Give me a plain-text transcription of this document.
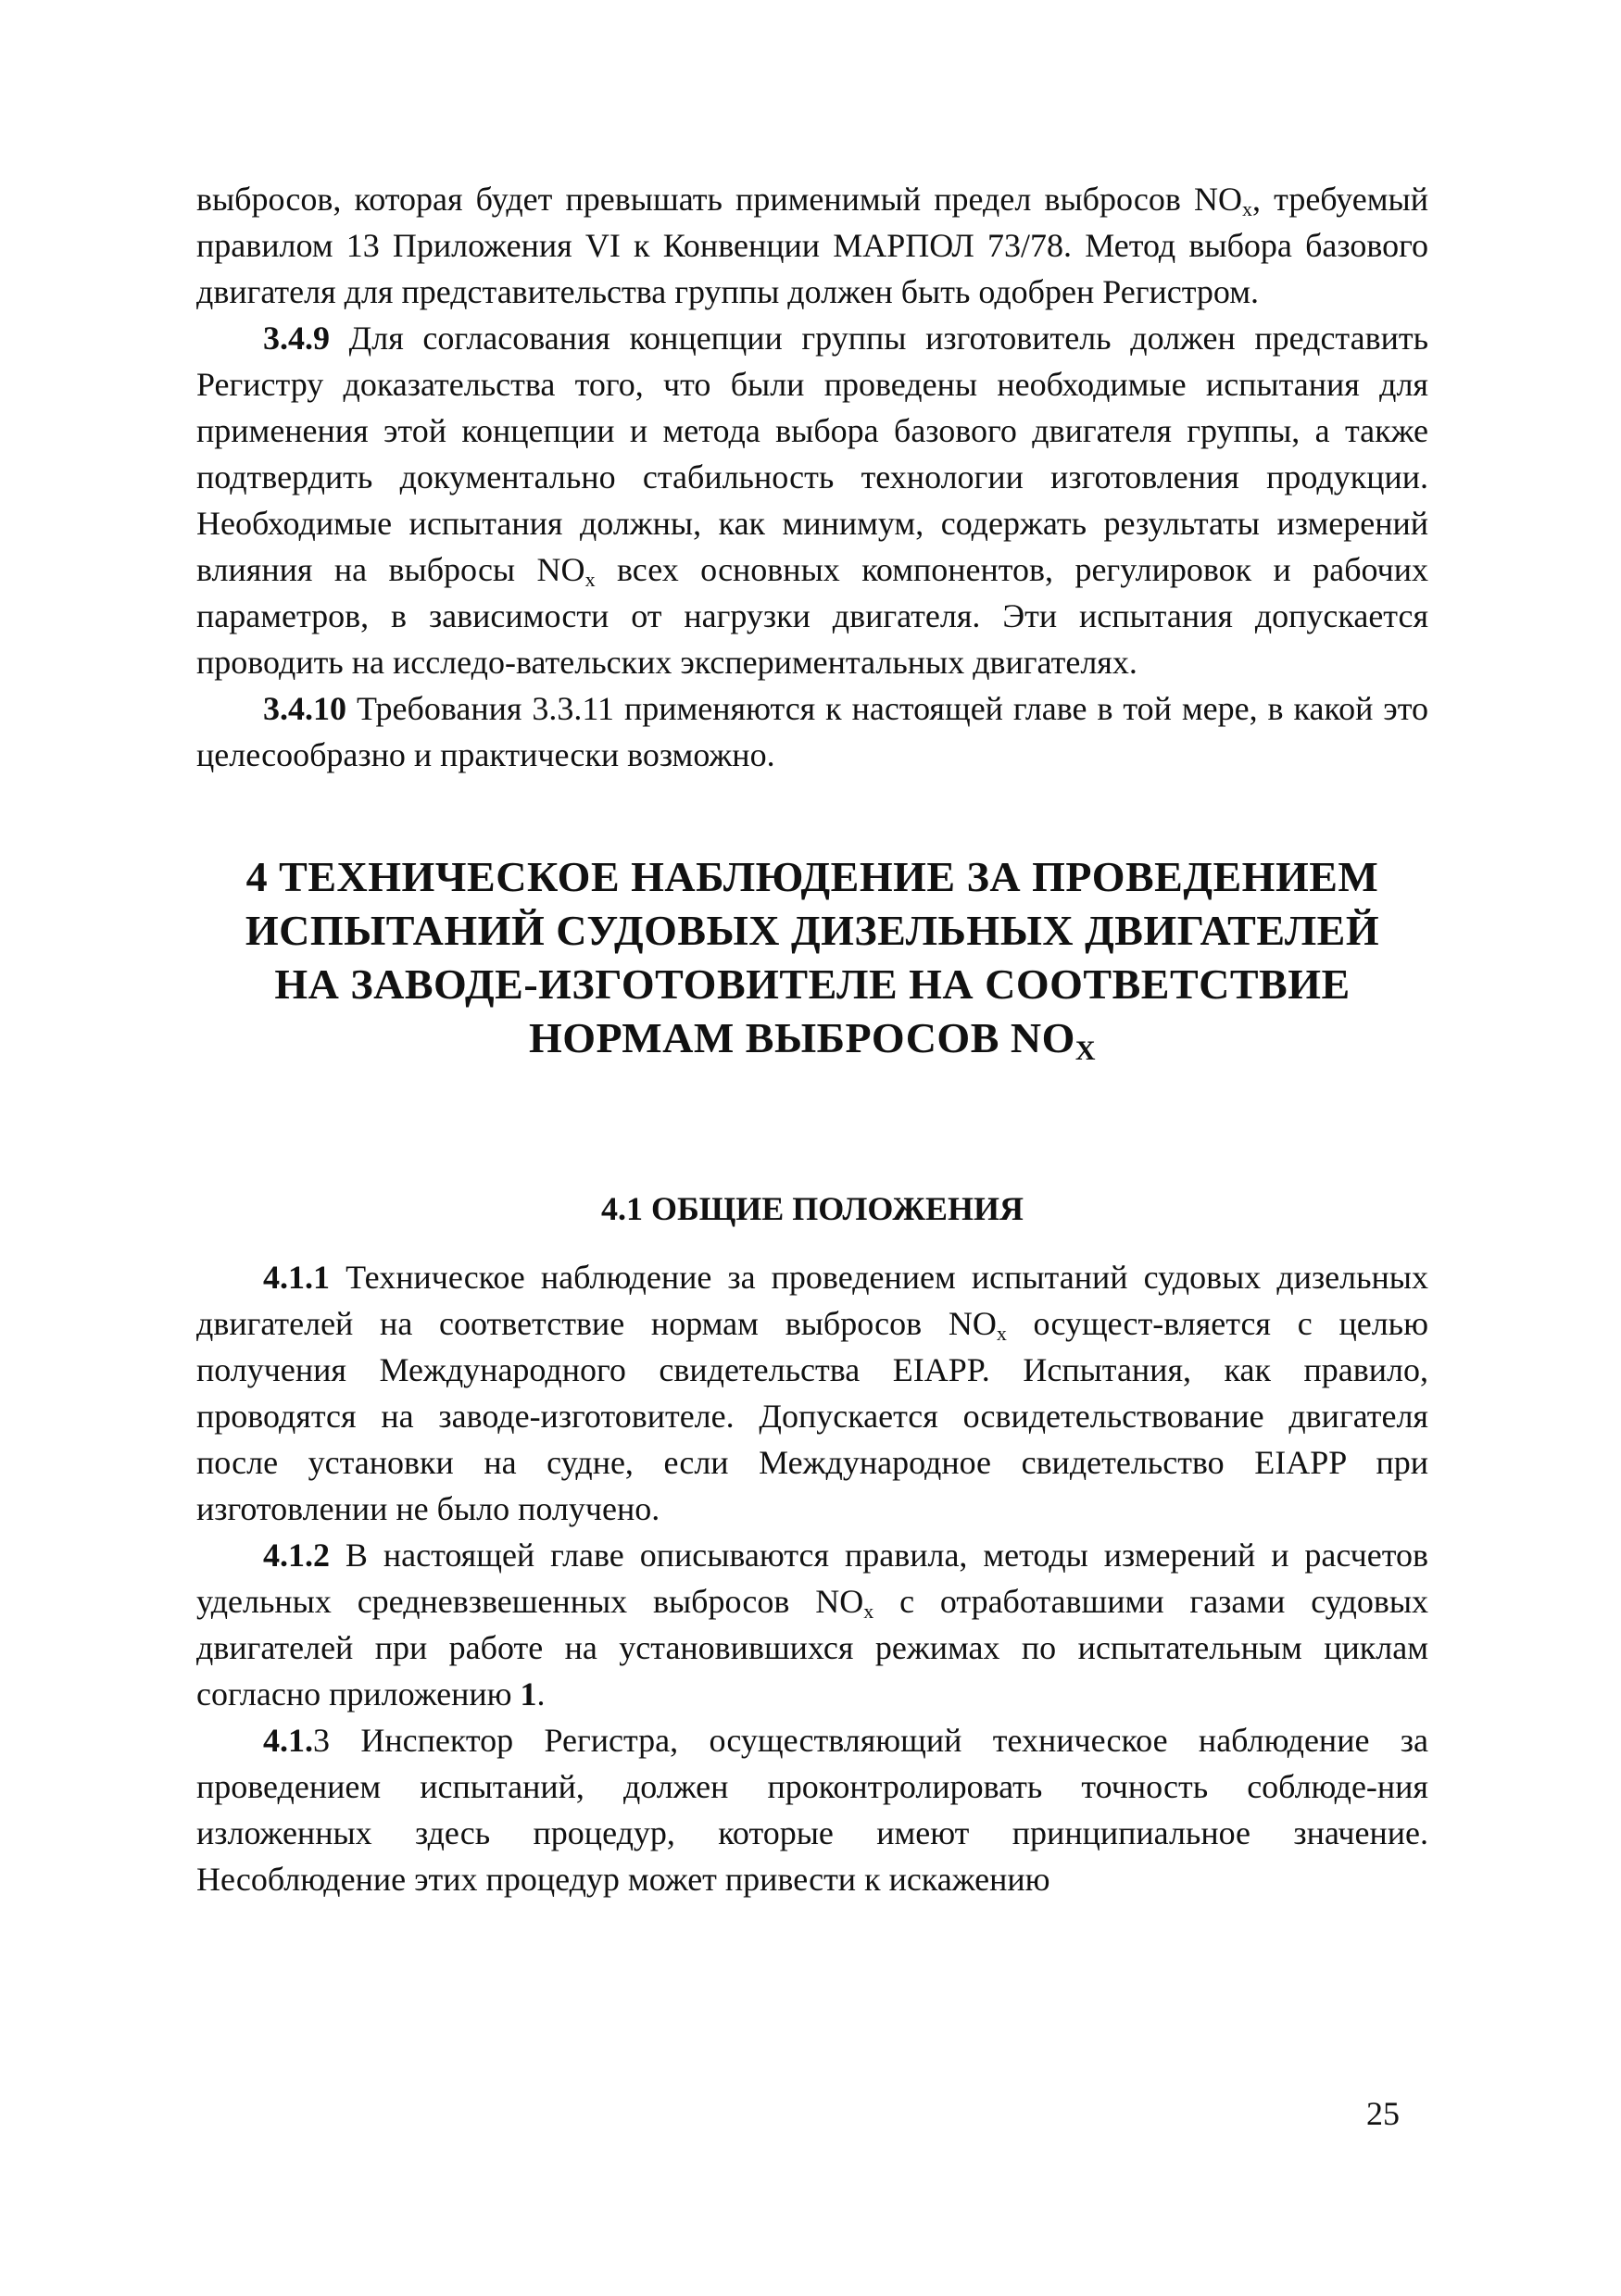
выбросов, которая будет превышать применимый предел выбросов $NO_x$, требуемый правилом 13 Приложения VI к Конвенции МАРПОЛ 73/78. Метод выбора базового двигателя для представительства группы должен быть одобрен Регистром.

3.4.9 Для согласования концепции группы изготовитель должен представить Регистру доказательства того, что были проведены необходимые испытания для применения этой концепции и метода выбора базового двигателя группы, а также подтвердить документально стабильность технологии изготовления продукции. Необходимые испытания должны, как минимум, содержать результаты измерений влияния на выбросы $NO_x$ всех основных компонентов, регулировок и рабочих параметров, в зависимости от нагрузки двигателя. Эти испытания допускается проводить на исследо-вательских экспериментальных двигателях.

3.4.10 Требования 3.3.11 применяются к настоящей главе в той мере, в какой это целесообразно и практически возможно.

4 ТЕХНИЧЕСКОЕ НАБЛЮДЕНИЕ ЗА ПРОВЕДЕНИЕМ
ИСПЫТАНИЙ СУДОВЫХ ДИЗЕЛЬНЫХ ДВИГАТЕЛЕЙ
НА ЗАВОДЕ-ИЗГОТОВИТЕЛЕ НА СООТВЕТСТВИЕ
НОРМАМ ВЫБРОСОВ $NO_X$
4.1 ОБЩИЕ ПОЛОЖЕНИЯ

4.1.1 Техническое наблюдение за проведением испытаний судовых дизельных двигателей на соответствие нормам выбросов $NO_x$ осущест-вляется с целью получения Международного свидетельства EIAPP. Испытания, как правило, проводятся на заводе-изготовителе. Допускается освидетельствование двигателя после установки на судне, если Международное свидетельство EIAPP при изготовлении не было получено.

4.1.2 В настоящей главе описываются правила, методы измерений и расчетов удельных средневзвешенных выбросов $NO_x$ с отработавшими газами судовых двигателей при работе на установившихся режимах по испытательным циклам согласно приложению 1.

4.1.3 Инспектор Регистра, осуществляющий техническое наблюдение за проведением испытаний, должен проконтролировать точность соблюде-ния изложенных здесь процедур, которые имеют принципиальное значение. Несоблюдение этих процедур может привести к искажению

25
